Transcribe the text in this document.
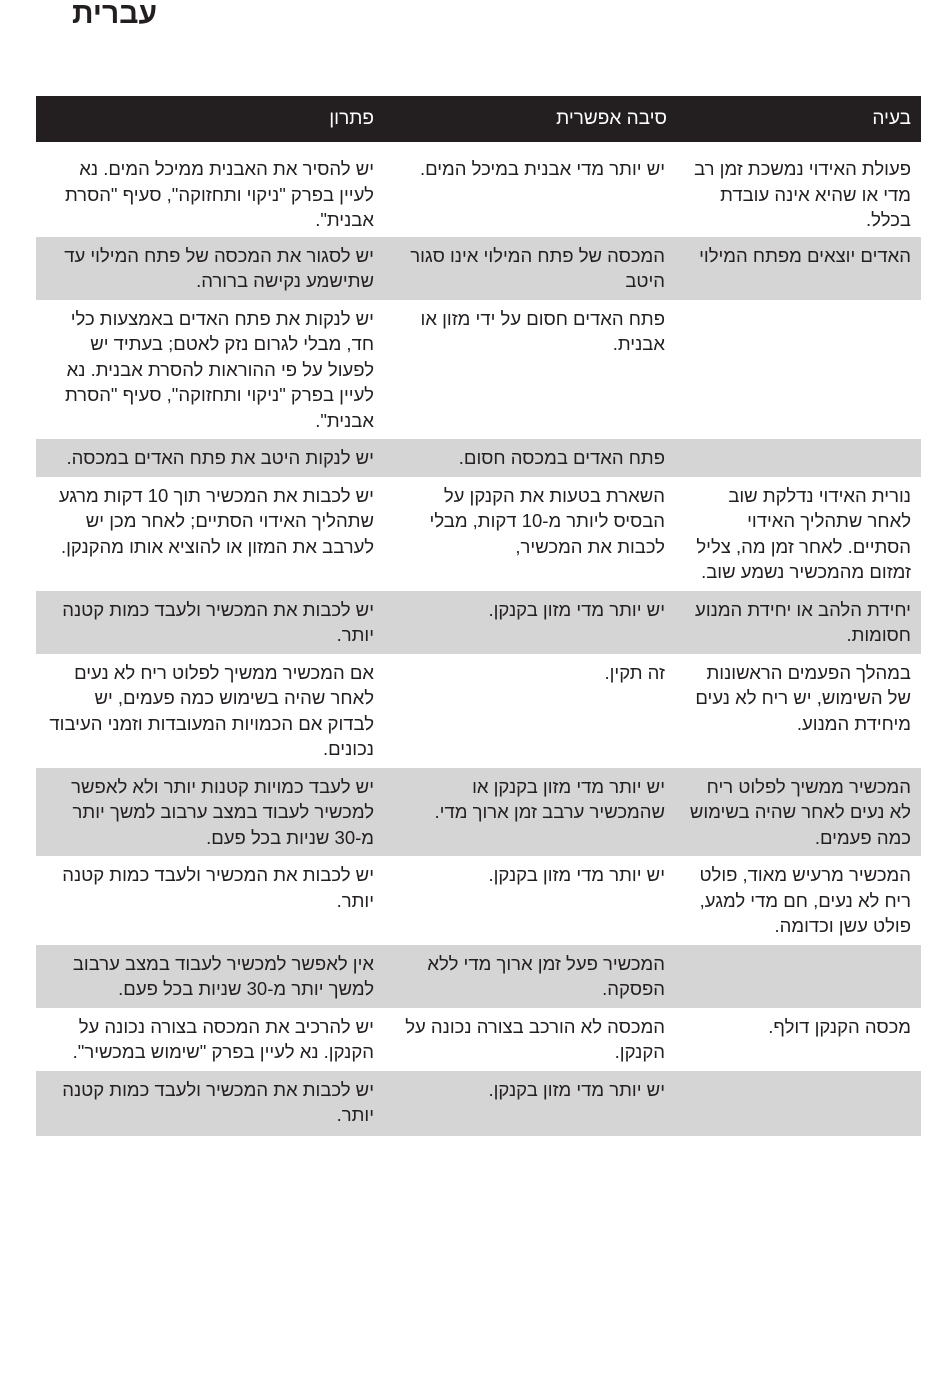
עברית
בעיה	סיבה אפשרית	פתרון

פעולת האידוי נמשכת זמן רב מדי או שהיא אינה עובדת בכלל.	יש יותר מדי אבנית במיכל המים.	יש להסיר את האבנית ממיכל המים. נא לעיין בפרק "ניקוי ותחזוקה", סעיף "הסרת אבנית".
האדים יוצאים מפתח המילוי	המכסה של פתח המילוי אינו סגור היטב	יש לסגור את המכסה של פתח המילוי עד שתישמע נקישה ברורה.
	פתח האדים חסום על ידי מזון או אבנית.	יש לנקות את פתח האדים באמצעות כלי חד, מבלי לגרום נזק לאטם; בעתיד יש לפעול על פי ההוראות להסרת אבנית. נא לעיין בפרק "ניקוי ותחזוקה", סעיף "הסרת אבנית".
	פתח האדים במכסה חסום.	יש לנקות היטב את פתח האדים במכסה.
נורית האידוי נדלקת שוב לאחר שתהליך האידוי הסתיים. לאחר זמן מה, צליל זמזום מהמכשיר נשמע שוב.	השארת בטעות את הקנקן על הבסיס ליותר מ-10 דקות, מבלי לכבות את המכשיר,	יש לכבות את המכשיר תוך 10 דקות מרגע שתהליך האידוי הסתיים; לאחר מכן יש לערבב את המזון או להוציא אותו מהקנקן.
יחידת הלהב או יחידת המנוע חסומות.	יש יותר מדי מזון בקנקן.	יש לכבות את המכשיר ולעבד כמות קטנה יותר.
במהלך הפעמים הראשונות של השימוש, יש ריח לא נעים מיחידת המנוע.	זה תקין.	אם המכשיר ממשיך לפלוט ריח לא נעים לאחר שהיה בשימוש כמה פעמים, יש לבדוק אם הכמויות המעובדות וזמני העיבוד נכונים.
המכשיר ממשיך לפלוט ריח לא נעים לאחר שהיה בשימוש כמה פעמים.	יש יותר מדי מזון בקנקן או שהמכשיר ערבב זמן ארוך מדי.	יש לעבד כמויות קטנות יותר ולא לאפשר למכשיר לעבוד במצב ערבוב למשך יותר מ-30 שניות בכל פעם.
המכשיר מרעיש מאוד, פולט ריח לא נעים, חם מדי למגע, פולט עשן וכדומה.	יש יותר מדי מזון בקנקן.	יש לכבות את המכשיר ולעבד כמות קטנה יותר.
	המכשיר פעל זמן ארוך מדי ללא הפסקה.	אין לאפשר למכשיר לעבוד במצב ערבוב למשך יותר מ-30 שניות בכל פעם.
מכסה הקנקן דולף.	המכסה לא הורכב בצורה נכונה על הקנקן.	יש להרכיב את המכסה בצורה נכונה על הקנקן. נא לעיין בפרק "שימוש במכשיר".
	יש יותר מדי מזון בקנקן.	יש לכבות את המכשיר ולעבד כמות קטנה יותר.
